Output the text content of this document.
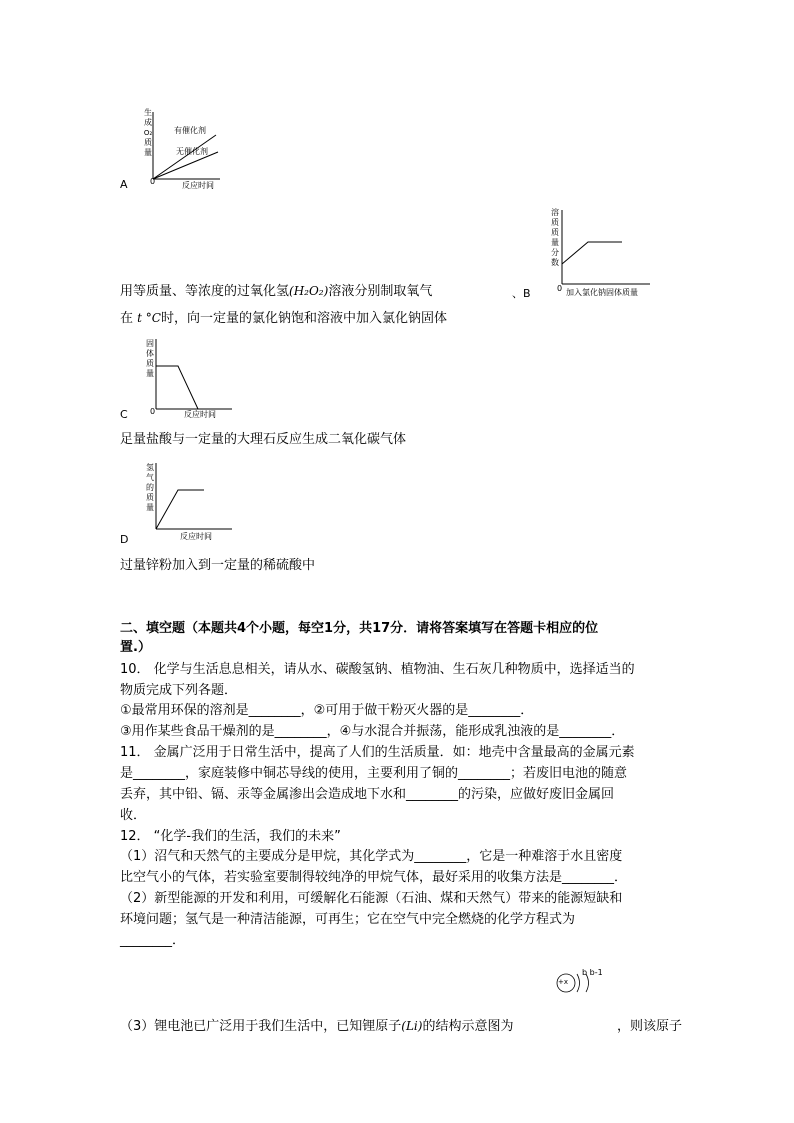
生
成
O₂
质
量
有催化剂
无催化剂
0	反应时间
A
溶
质
质
量
分
数
0 加入氯化钠固体质量
用等质量、等浓度的过氧化氢(H₂O₂)溶液分别制取氧气	、B
在 t °C时，向一定量的氯化钠饱和溶液中加入氯化钠固体
固
体
质
量
0	反应时间
C
足量盐酸与一定量的大理石反应生成二氧化碳气体
氢
气
的
质
量
反应时间
D
过量锌粉加入到一定量的稀硫酸中
二、填空题（本题共4个小题，每空1分，共17分．请将答案填写在答题卡相应的位
置.）
10． 化学与生活息息相关，请从水、碳酸氢钠、植物油、生石灰几种物质中，选择适当的
物质完成下列各题．
①最常用环保的溶剂是________，②可用于做干粉灭火器的是________．
③用作某些食品干燥剂的是________，④与水混合并振荡，能形成乳浊液的是________．
11． 金属广泛用于日常生活中，提高了人们的生活质量．如：地壳中含量最高的金属元素
是________，家庭装修中铜芯导线的使用，主要利用了铜的________；若废旧电池的随意
丢弃，其中铅、镉、汞等金属渗出会造成地下水和________的污染，应做好废旧金属回
收．
12． “化学-我们的生活，我们的未来”
（1）沼气和天然气的主要成分是甲烷，其化学式为________，它是一种难溶于水且密度
比空气小的气体，若实验室要制得较纯净的甲烷气体，最好采用的收集方法是________．
（2）新型能源的开发和利用，可缓解化石能源（石油、煤和天然气）带来的能源短缺和
环境问题；氢气是一种清洁能源，可再生；它在空气中完全燃烧的化学方程式为
________．
+x
b b-1
（3）锂电池已广泛用于我们生活中，已知锂原子(Li)的结构示意图为	，则该原子
